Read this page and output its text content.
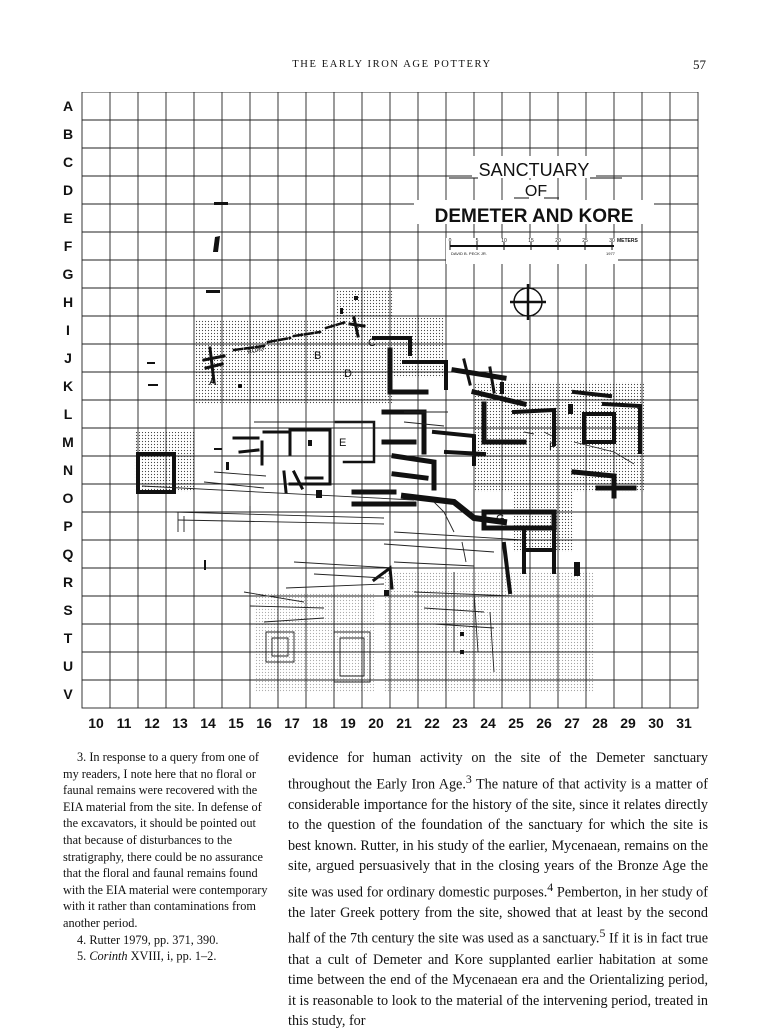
THE EARLY IRON AGE POTTERY	57
SANCTUARY
OF
DEMETER AND KORE
0	5	10	15	20	25	30 METERS
DAVID B. PECK JR.	1977
A
B
C
D
E	F
G
ROAD
A
B
C
D
E
F
G
H
I
J
K
L
M
N
O
P
Q
R
S
T
U
V
10 11 12 13 14 15 16 17 18 19 20 21 22 23 24 25 26 27 28 29 30 31

3. In response to a query from one of my readers, I note here that no floral or faunal remains were recovered with the EIA material from the site. In defense of the excavators, it should be pointed out that because of disturbances to the stratigraphy, there could be no assurance that the floral and faunal remains found with the EIA material were contemporary with it rather than contaminations from another period.

4. Rutter 1979, pp. 371, 390.

5. Corinth XVIII, i, pp. 1–2.

evidence for human activity on the site of the Demeter sanctuary throughout the Early Iron Age.$^3$ The nature of that activity is a matter of considerable importance for the history of the site, since it relates directly to the question of the foundation of the sanctuary for which the site is best known. Rutter, in his study of the earlier, Mycenaean, remains on the site, argued persuasively that in the closing years of the Bronze Age the site was used for ordinary domestic purposes.$^4$ Pemberton, in her study of the later Greek pottery from the site, showed that at least by the second half of the 7th century the site was used as a sanctuary.$^5$ If it is in fact true that a cult of Demeter and Kore supplanted earlier habitation at some time between the end of the Mycenaean era and the Orientalizing period, it is reasonable to look to the material of the intervening period, treated in this study, for
